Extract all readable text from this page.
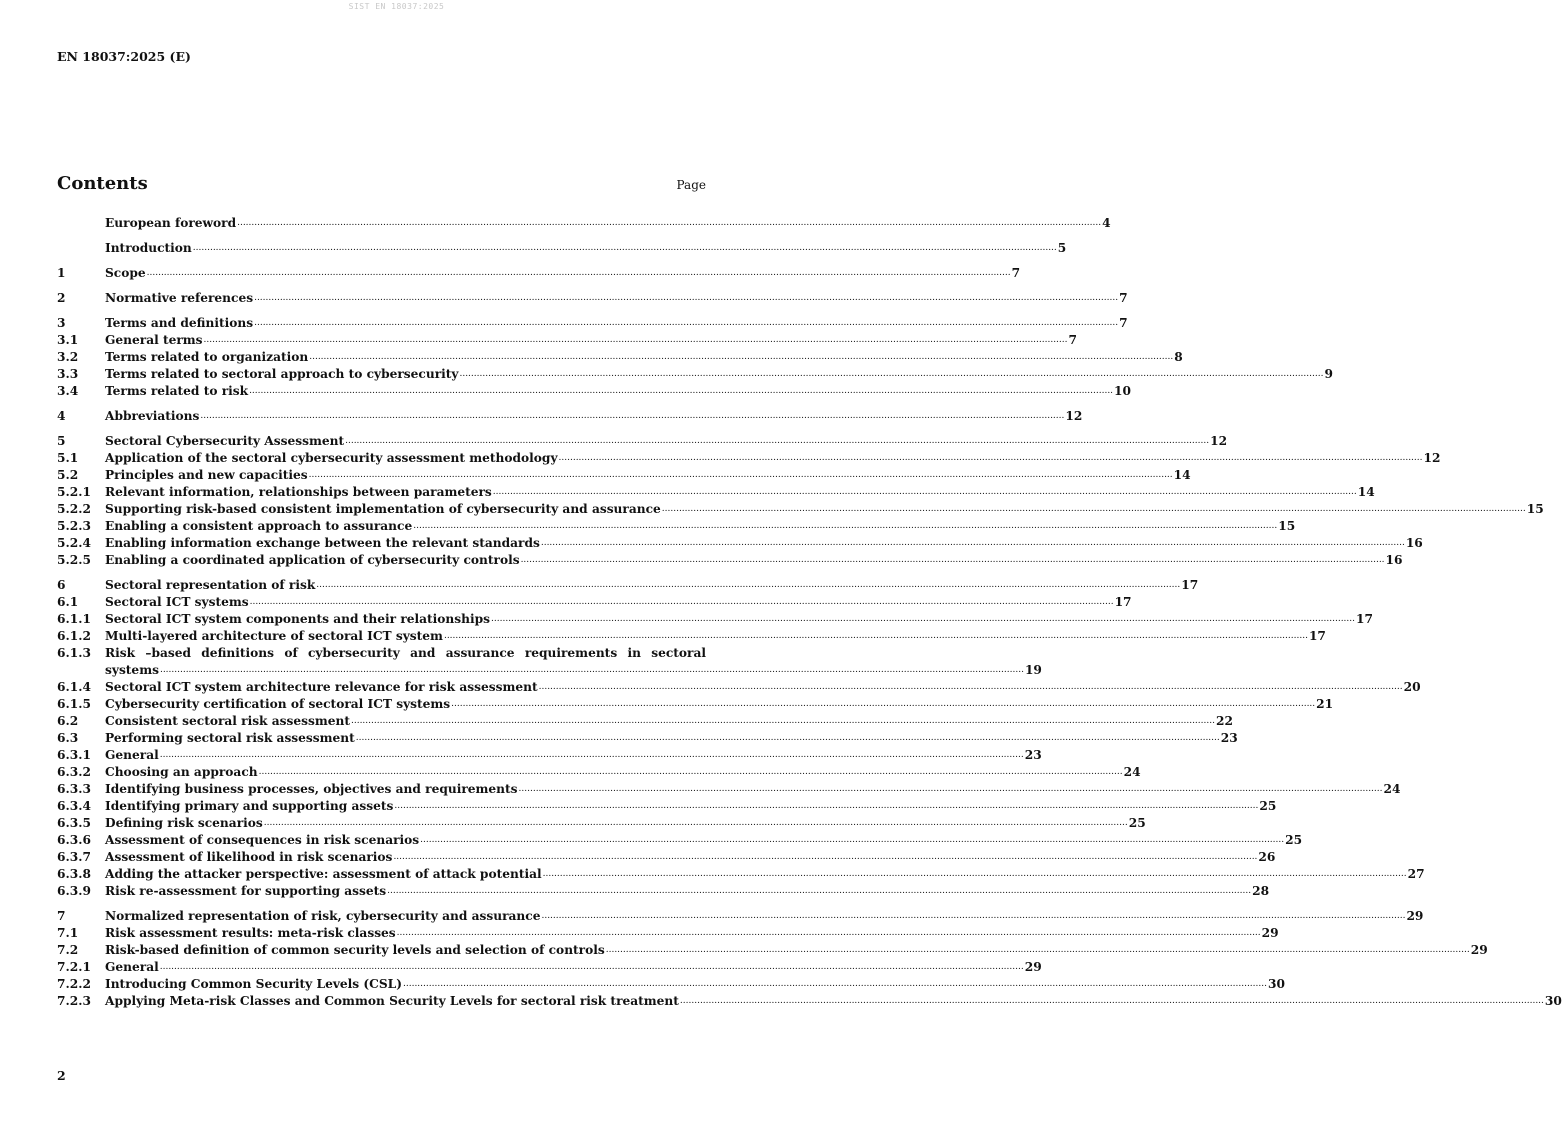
SIST EN 18037:2025
EN 18037:2025 (E)
Contents	Page
European foreword .....	4
Introduction .....	5
1	Scope .....	7
2	Normative references .....	7
3	Terms and definitions .....	7
3.1	General terms .....	7
3.2	Terms related to organization .....	8
3.3	Terms related to sectoral approach to cybersecurity .....	9
3.4	Terms related to risk .....	10
4	Abbreviations .....	12
5	Sectoral Cybersecurity Assessment .....	12
5.1	Application of the sectoral cybersecurity assessment methodology .....	12
5.2	Principles and new capacities .....	14
5.2.1	Relevant information, relationships between parameters .....	14
5.2.2	Supporting risk-based consistent implementation of cybersecurity and assurance .....	15
5.2.3	Enabling a consistent approach to assurance .....	15
5.2.4	Enabling information exchange between the relevant standards .....	16
5.2.5	Enabling a coordinated application of cybersecurity controls .....	16
6	Sectoral representation of risk .....	17
6.1	Sectoral ICT systems .....	17
6.1.1	Sectoral ICT system components and their relationships .....	17
6.1.2	Multi-layered architecture of sectoral ICT system .....	17
6.1.3	Risk –based definitions of cybersecurity and assurance requirements in sectoral
systems .....	19
6.1.4	Sectoral ICT system architecture relevance for risk assessment .....	20
6.1.5	Cybersecurity certification of sectoral ICT systems .....	21
6.2	Consistent sectoral risk assessment .....	22
6.3	Performing sectoral risk assessment .....	23
6.3.1	General .....	23
6.3.2	Choosing an approach .....	24
6.3.3	Identifying business processes, objectives and requirements .....	24
6.3.4	Identifying primary and supporting assets .....	25
6.3.5	Defining risk scenarios .....	25
6.3.6	Assessment of consequences in risk scenarios .....	25
6.3.7	Assessment of likelihood in risk scenarios .....	26
6.3.8	Adding the attacker perspective: assessment of attack potential .....	27
6.3.9	Risk re-assessment for supporting assets .....	28
7	Normalized representation of risk, cybersecurity and assurance .....	29
7.1	Risk assessment results: meta-risk classes .....	29
7.2	Risk-based definition of common security levels and selection of controls .....	29
7.2.1	General .....	29
7.2.2	Introducing Common Security Levels (CSL) .....	30
7.2.3	Applying Meta-risk Classes and Common Security Levels for sectoral risk treatment .....	30
2
